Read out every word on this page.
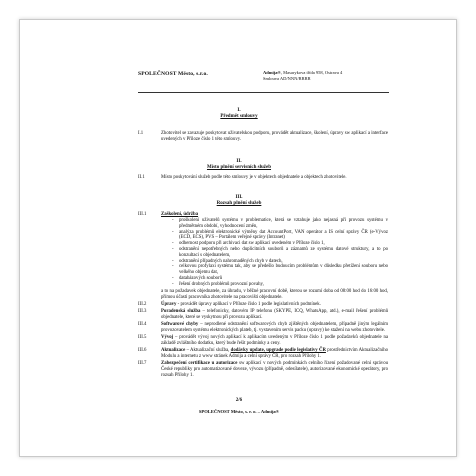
SPOLEČNOST Město, s.r.o.	Admija®, Masarykova třída 958, Ostrava 4
Smlouva AD/NNN/RRRR
I.
Předmět smlouvy
I.1	Zhotovitel se zavazuje poskytovat uživatelskou podporu, provádět aktualizace, školení, úpravy sw aplikací a interface uvedených v Příloze číslo 1 této smlouvy.
II.
Místo plnění servisních služeb
II.1	Místo poskytování služeb podle této smlouvy je v objektech objednatele a objektech zhotovitele.
III.
Rozsah plnění služeb
III.1	Zaškolení, údržba
- proškolení uživatelů systému v problematice, která se vztahuje jako nejasná při provozu systému v předmětném období, vyhodnocení změn,
- analýza problémů elektronické výměny dat AccountPort, VAN operátor a IS celní správy ČR (e-Vývoz (ECD, ECS), PVS – Portálem veřejné správy (Intranet)
- odhernost podporu při archivaci dat sw aplikací uvedeném v Příloze číslo 1,
- odstranění nepotřebných nebo duplicitních souborů a záznamů ze systému datové struktury, a to po konzultaci s objednatelem,
- odstranění případných nahromaděných chyb v datech,
- celkovou profylaxi systému tak, aby se předešlo budoucím problémům v důsledku přetížení souboru nebo velkého objemu dat,
- databázových souborů
- řešení drobných problémů provozní povahy,
a to na požadavek objednatele, za úhradu, v běžné pracovní době, kterou se rozumí doba od 08:00 hod do 16:00 hod, přímou účastí pracovníka zhotovitele na pracovišti objednatele.
III.2	Úpravy - provádět úpravy aplikací v Příloze číslo 1 podle legislativních podmínek.
III.3	Poradenská služba – telefonicky, datovém IP telefonu (SKYPE, ICQ, WhatsApp, atd.), e-mail řešení problémů objednatele, které se vyskytnou při provozu aplikací.
III.4	Softwarové chyby – neprodlené odstranění softwarových chyb zjištěných objednatelem, případně jiným legálním provozovatelem systému elektronických plateb, tj. vystavením servis packu (opravy) ke stažení na webu zhotovitele.
III.5	Vývoj – provádět vývoj nových aplikací k aplikacím uvedeným v Příloze číslo 1 podle požadavků objednatele na základě zvláštního dodatku, který bude řešit podmínky a ceny.
III.6	Aktualizace – Aktualizační služba, dodávky update, upgrade podle legislativy ČR prostřednictvím Aktualizačního Modulu a internetu z www stránek Admija a celní správy ČR, pro rozsah Přílohy 1.
III.7	Zabezpečení certifikace u autorizace sw aplikací v nových podmínkách celního řízení požadované celní správou České republiky pro automatizované doveze, vývozu (případně, odesílatele), autorizované ekonomické operátory, pro rozsah Přílohy 1.
2/6
SPOLEČNOST Město, s. r. o. – Admija®
